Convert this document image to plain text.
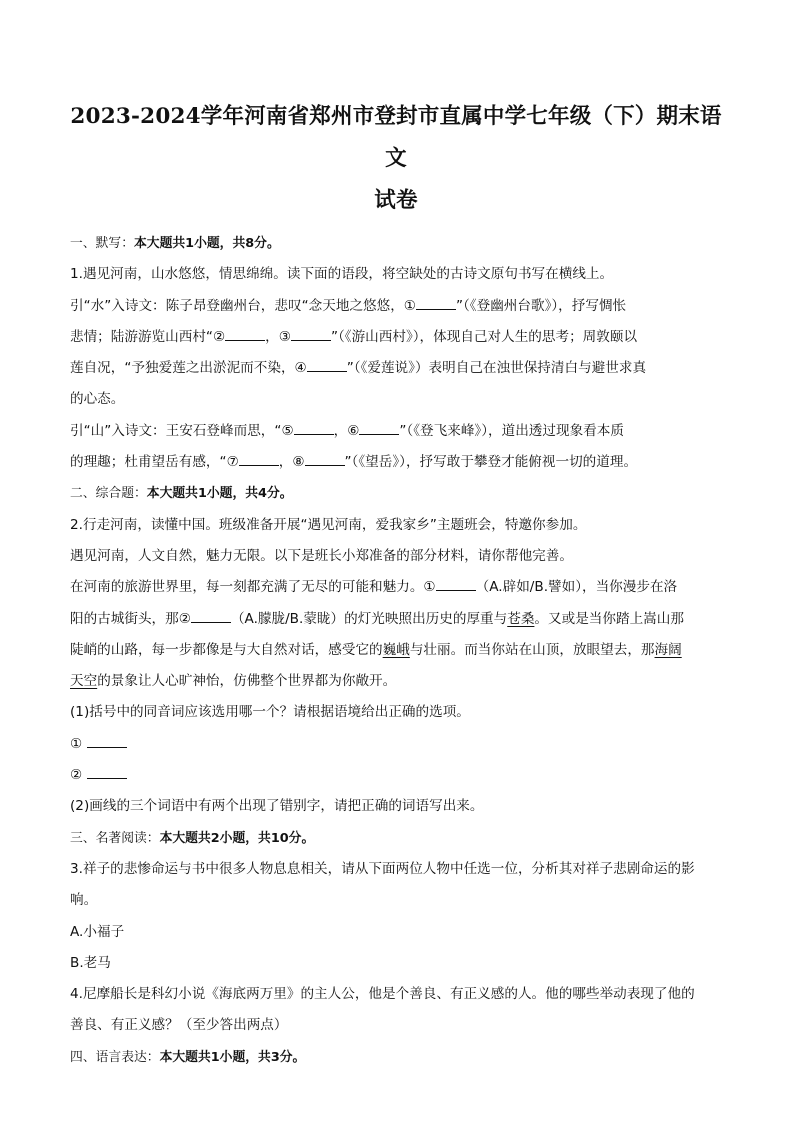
2023-2024学年河南省郑州市登封市直属中学七年级（下）期末语文
试卷
一、默写：本大题共1小题，共8分。
1.遇见河南，山水悠悠，情思绵绵。读下面的语段，将空缺处的古诗文原句书写在横线上。
引“水”入诗文：陈子昂登幽州台，悲叹“念天地之悠悠，①	”（《登幽州台歌》），抒写惆怅
悲情；陆游游览山西村“②	，③	”（《游山西村》），体现自己对人生的思考；周敦颐以
莲自况，“予独爱莲之出淤泥而不染，④	”（《爱莲说》）表明自己在浊世保持清白与避世求真
的心态。
引“山”入诗文：王安石登峰而思，“⑤	，⑥	”（《登飞来峰》），道出透过现象看本质
的理趣；杜甫望岳有感，“⑦	，⑧	”（《望岳》），抒写敢于攀登才能俯视一切的道理。
二、综合题：本大题共1小题，共4分。
2.行走河南，读懂中国。班级准备开展“遇见河南，爱我家乡”主题班会，特邀你参加。
遇见河南，人文自然，魅力无限。以下是班长小郑准备的部分材料，请你帮他完善。
在河南的旅游世界里，每一刻都充满了无尽的可能和魅力。①	（A.辟如/B.譬如），当你漫步在洛
阳的古城街头，那②	（A.朦胧/B.蒙眬）的灯光映照出历史的厚重与苍桑。又或是当你踏上嵩山那
陡峭的山路，每一步都像是与大自然对话，感受它的巍峨与壮丽。而当你站在山顶，放眼望去，那海阔
天空的景象让人心旷神怡，仿佛整个世界都为你敞开。
(1)括号中的同音词应该选用哪一个？请根据语境给出正确的选项。
①
②
(2)画线的三个词语中有两个出现了错别字，请把正确的词语写出来。
三、名著阅读：本大题共2小题，共10分。
3.祥子的悲惨命运与书中很多人物息息相关，请从下面两位人物中任选一位，分析其对祥子悲剧命运的影
响。
A.小福子
B.老马
4.尼摩船长是科幻小说《海底两万里》的主人公，他是个善良、有正义感的人。他的哪些举动表现了他的
善良、有正义感？（至少答出两点）
四、语言表达：本大题共1小题，共3分。
